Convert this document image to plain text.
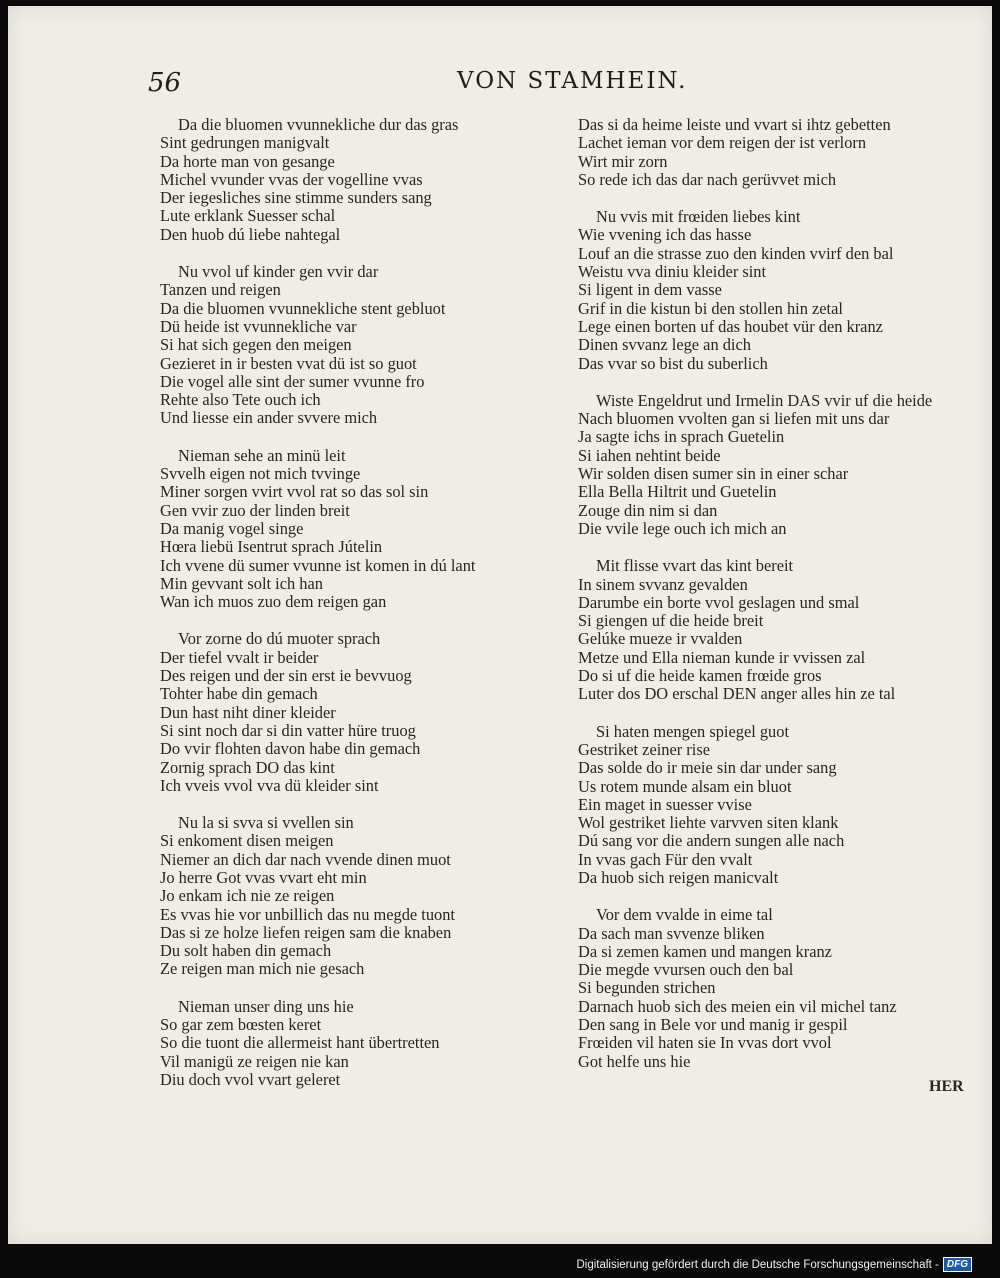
56	VON STAMHEIN.
Da die bluomen vvunnekliche dur das gras
Sint gedrungen manigvalt
Da horte man von gesange
Michel vvunder vvas der vogelline vvas
Der iegesliches sine stimme sunders sang
Lute erklank Suesser schal
Den huob dú liebe nahtegal
Nu vvol uf kinder gen vvir dar
Tanzen und reigen
Da die bluomen vvunnekliche stent gebluot
Dü heide ist vvunnekliche var
Si hat sich gegen den meigen
Gezieret in ir besten vvat dü ist so guot
Die vogel alle sint der sumer vvunne fro
Rehte also Tete ouch ich
Und liesse ein ander svvere mich
Nieman sehe an minü leit
Svvelh eigen not mich tvvinge
Miner sorgen vvirt vvol rat so das sol sin
Gen vvir zuo der linden breit
Da manig vogel singe
Hœra liebü Isentrut sprach Jútelin
Ich vvene dü sumer vvunne ist komen in dú lant
Min gevvant solt ich han
Wan ich muos zuo dem reigen gan
Vor zorne do dú muoter sprach
Der tiefel vvalt ir beider
Des reigen und der sin erst ie bevvuog
Tohter habe din gemach
Dun hast niht diner kleider
Si sint noch dar si din vatter hüre truog
Do vvir flohten davon habe din gemach
Zornig sprach DO das kint
Ich vveis vvol vva dü kleider sint
Nu la si svva si vvellen sin
Si enkoment disen meigen
Niemer an dich dar nach vvende dinen muot
Jo herre Got vvas vvart eht min
Jo enkam ich nie ze reigen
Es vvas hie vor unbillich das nu megde tuont
Das si ze holze liefen reigen sam die knaben
Du solt haben din gemach
Ze reigen man mich nie gesach
Nieman unser ding uns hie
So gar zem bœsten keret
So die tuont die allermeist hant übertretten
Vil manigü ze reigen nie kan
Diu doch vvol vvart geleret
Das si da heime leiste und vvart si ihtz gebetten
Lachet ieman vor dem reigen der ist verlorn
Wirt mir zorn
So rede ich das dar nach gerüvvet mich
Nu vvis mit frœiden liebes kint
Wie vvening ich das hasse
Louf an die strasse zuo den kinden vvirf den bal
Weistu vva diniu kleider sint
Si ligent in dem vasse
Grif in die kistun bi den stollen hin zetal
Lege einen borten uf das houbet vür den kranz
Dinen svvanz lege an dich
Das vvar so bist du suberlich
Wiste Engeldrut und Irmelin DAS vvir uf die heide
Nach bluomen vvolten gan si liefen mit uns dar
Ja sagte ichs in sprach Guetelin
Si iahen nehtint beide
Wir solden disen sumer sin in einer schar
Ella Bella Hiltrit und Guetelin
Zouge din nim si dan
Die vvile lege ouch ich mich an
Mit flisse vvart das kint bereit
In sinem svvanz gevalden
Darumbe ein borte vvol geslagen und smal
Si giengen uf die heide breit
Gelúke mueze ir vvalden
Metze und Ella nieman kunde ir vvissen zal
Do si uf die heide kamen frœide gros
Luter dos DO erschal DEN anger alles hin ze tal
Si haten mengen spiegel guot
Gestriket zeiner rise
Das solde do ir meie sin dar under sang
Us rotem munde alsam ein bluot
Ein maget in suesser vvise
Wol gestriket liehte varvven siten klank
Dú sang vor die andern sungen alle nach
In vvas gach Für den vvalt
Da huob sich reigen manicvalt
Vor dem vvalde in eime tal
Da sach man svvenze bliken
Da si zemen kamen und mangen kranz
Die megde vvursen ouch den bal
Si begunden strichen
Darnach huob sich des meien ein vil michel tanz
Den sang in Bele vor und manig ir gespil
Frœiden vil haten sie In vvas dort vvol
Got helfe uns hie
HER
Digitalisierung gefördert durch die Deutsche Forschungsgemeinschaft - DFG
